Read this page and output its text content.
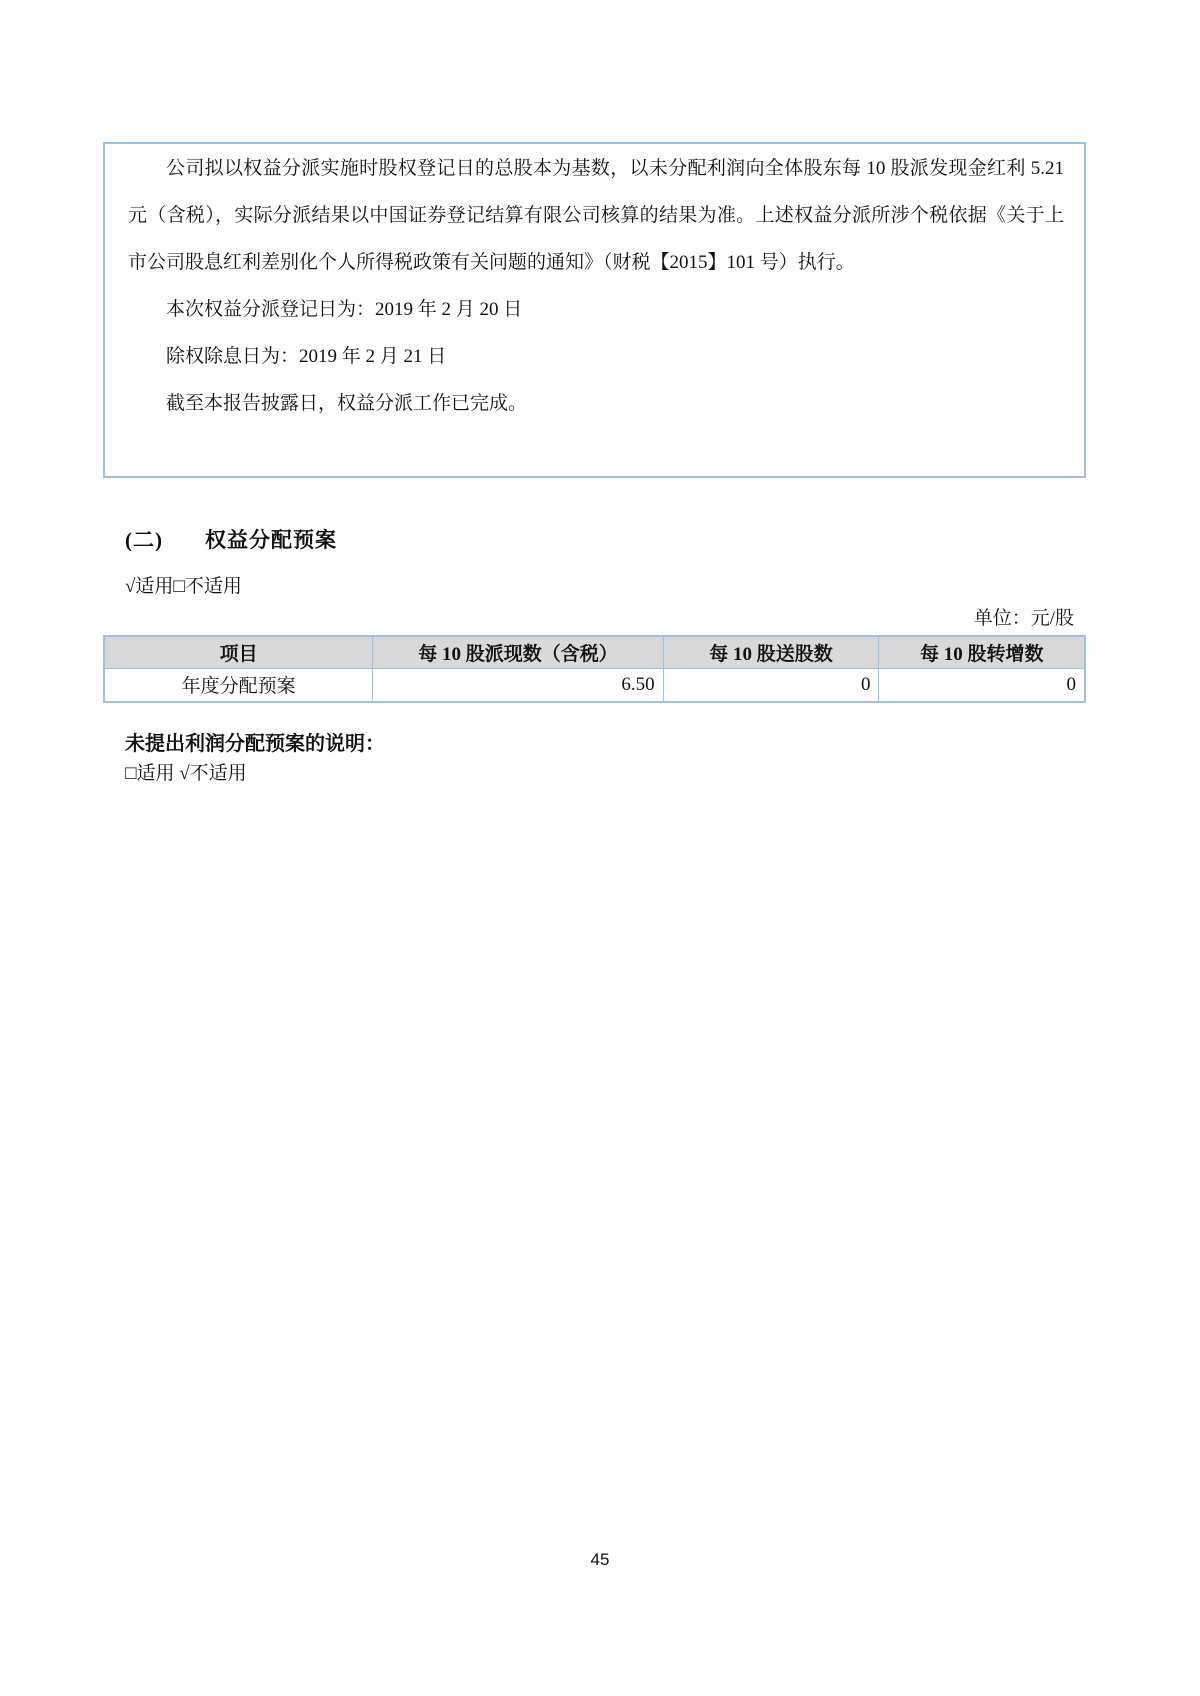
公司拟以权益分派实施时股权登记日的总股本为基数，以未分配利润向全体股东每 10 股派发现金红利 5.21 元（含税），实际分派结果以中国证券登记结算有限公司核算的结果为准。上述权益分派所涉个税依据《关于上市公司股息红利差别化个人所得税政策有关问题的通知》（财税【2015】101 号）执行。

本次权益分派登记日为：2019 年 2 月 20 日
除权除息日为：2019 年 2 月 21 日
截至本报告披露日，权益分派工作已完成。
(二) 权益分配预案
√适用□不适用
单位：元/股
项目	每 10 股派现数（含税）	每 10 股送股数	每 10 股转增数
年度分配预案	6.50	0	0
未提出利润分配预案的说明：
□适用 √不适用
45
